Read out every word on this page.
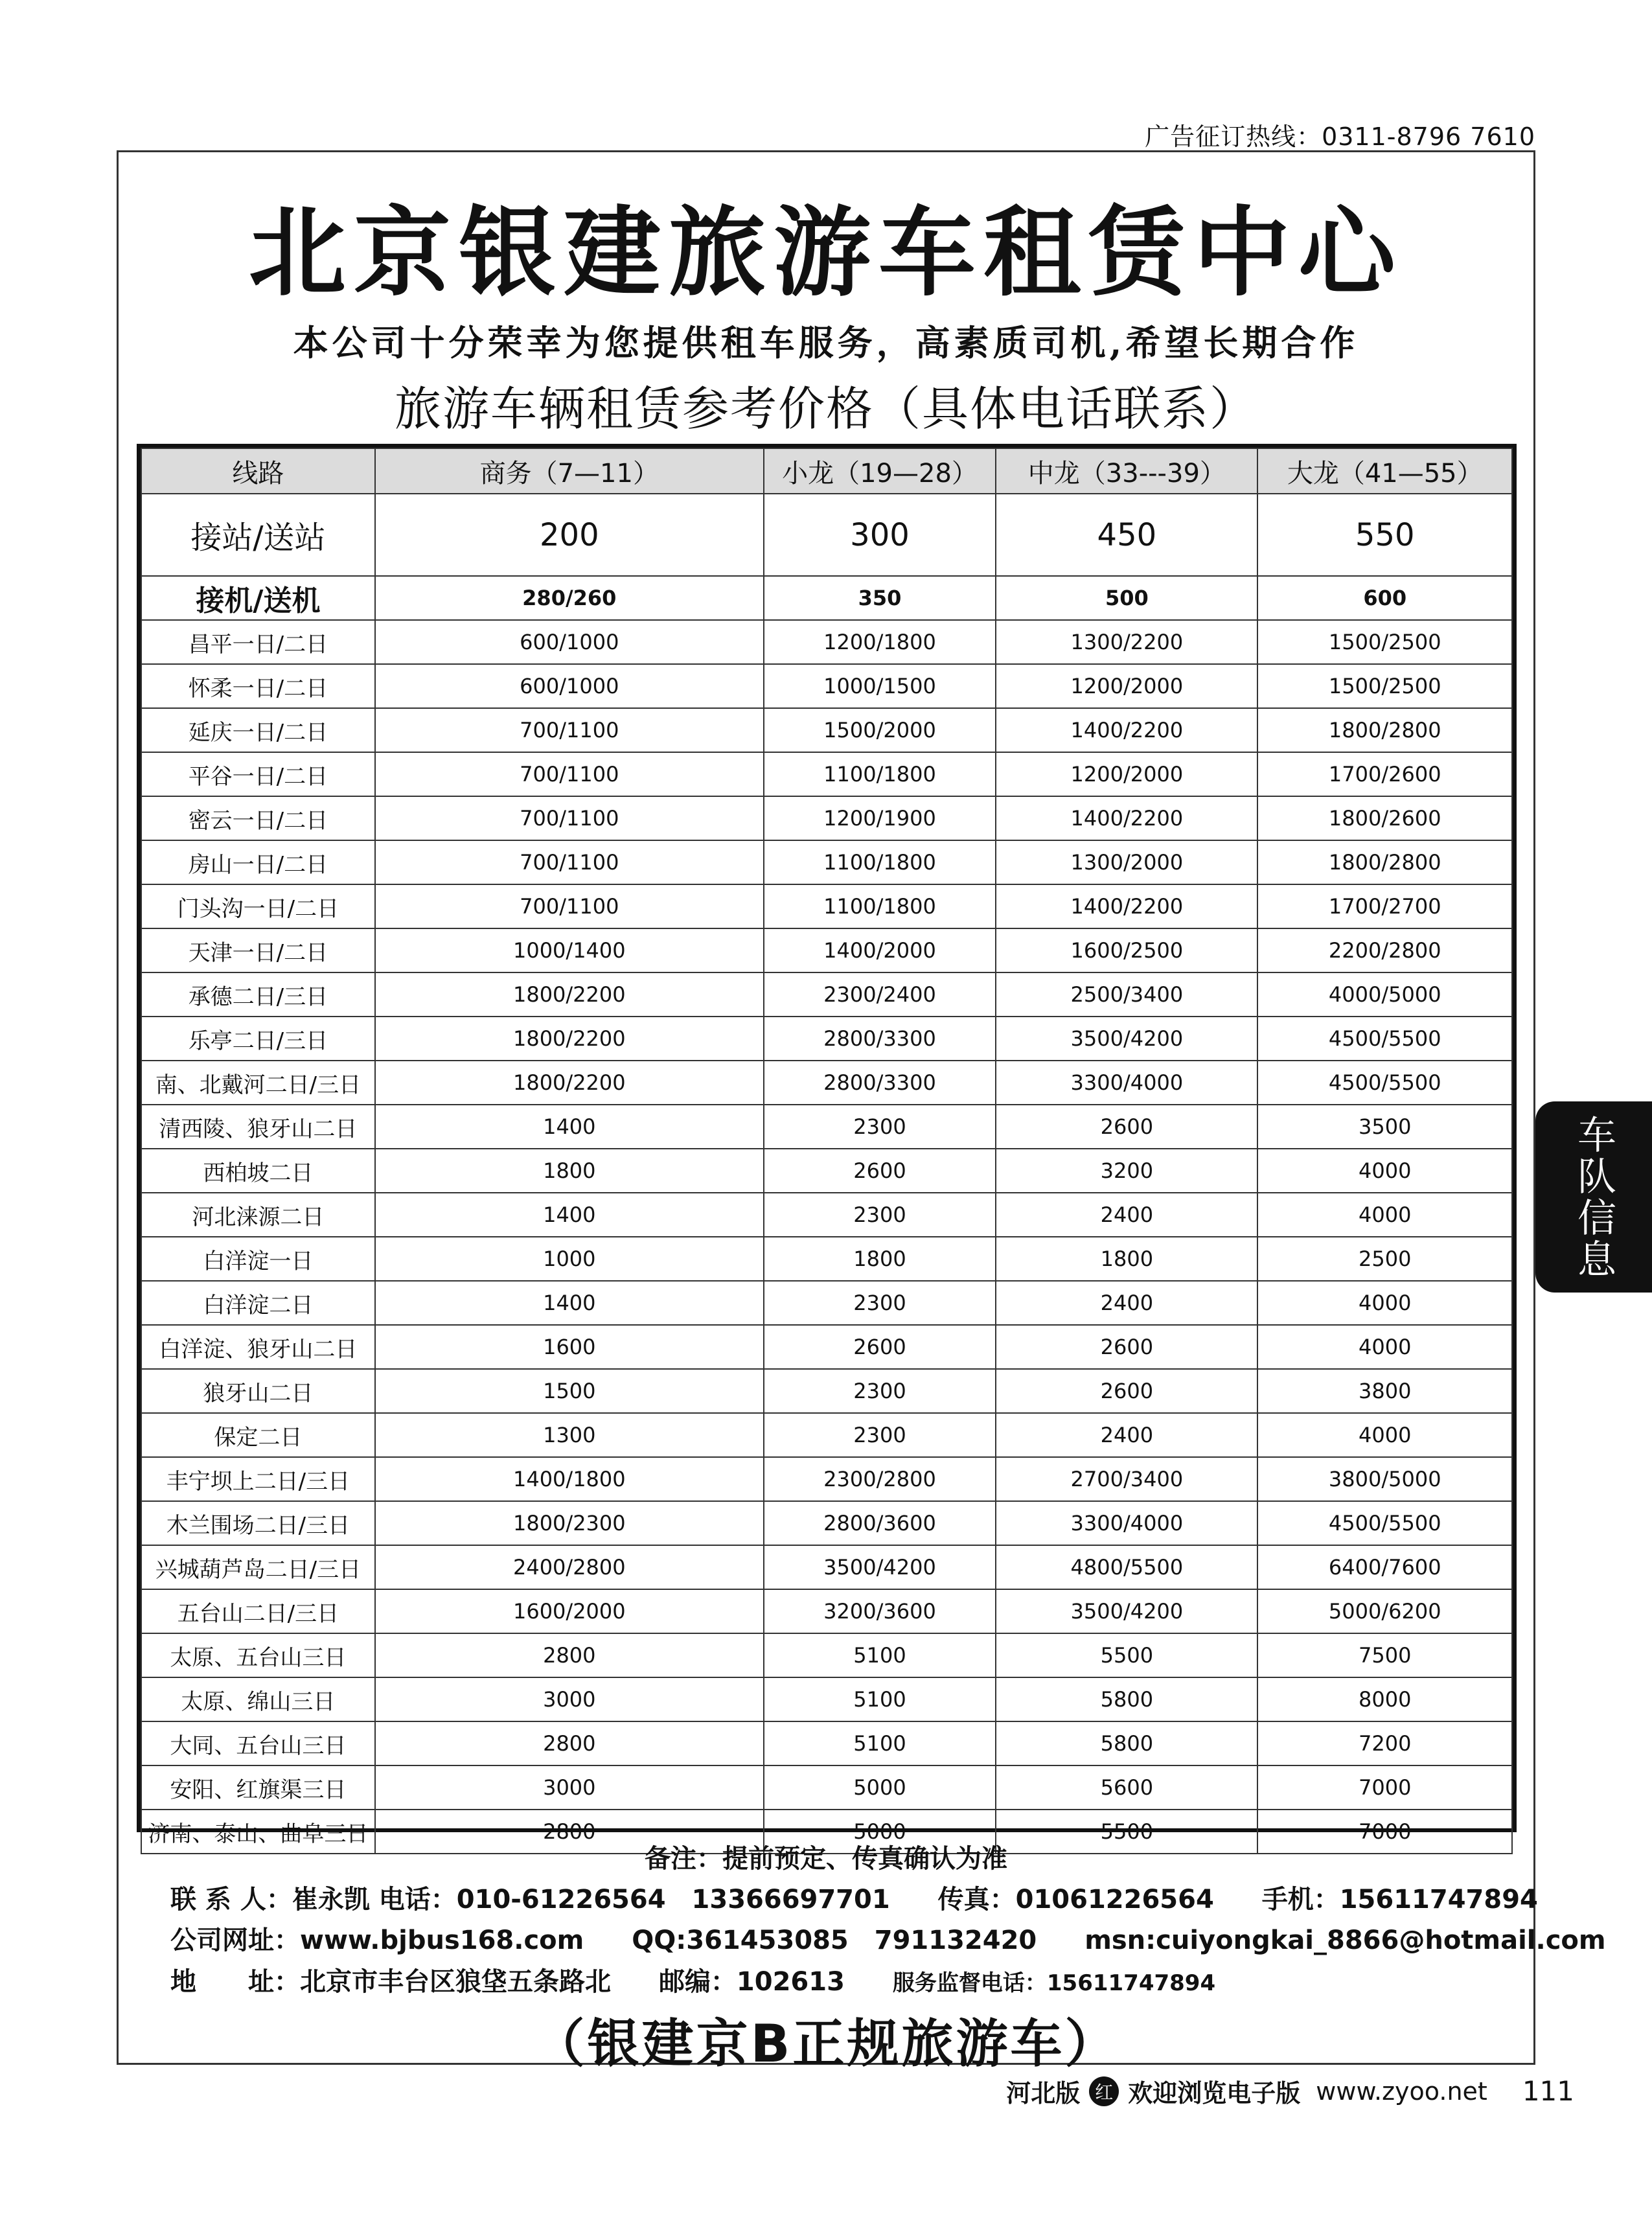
广告征订热线：0311-8796 7610
北京银建旅游车租赁中心
本公司十分荣幸为您提供租车服务，高素质司机,希望长期合作
旅游车辆租赁参考价格（具体电话联系）
线路	商务（7—11）	小龙（19—28）	中龙（33---39）	大龙（41—55）
接站/送站	200	300	450	550
接机/送机	280/260	350	500	600
昌平一日/二日	600/1000	1200/1800	1300/2200	1500/2500
怀柔一日/二日	600/1000	1000/1500	1200/2000	1500/2500
延庆一日/二日	700/1100	1500/2000	1400/2200	1800/2800
平谷一日/二日	700/1100	1100/1800	1200/2000	1700/2600
密云一日/二日	700/1100	1200/1900	1400/2200	1800/2600
房山一日/二日	700/1100	1100/1800	1300/2000	1800/2800
门头沟一日/二日	700/1100	1100/1800	1400/2200	1700/2700
天津一日/二日	1000/1400	1400/2000	1600/2500	2200/2800
承德二日/三日	1800/2200	2300/2400	2500/3400	4000/5000
乐亭二日/三日	1800/2200	2800/3300	3500/4200	4500/5500
南、北戴河二日/三日	1800/2200	2800/3300	3300/4000	4500/5500
清西陵、狼牙山二日	1400	2300	2600	3500
西柏坡二日	1800	2600	3200	4000
河北涞源二日	1400	2300	2400	4000
白洋淀一日	1000	1800	1800	2500
白洋淀二日	1400	2300	2400	4000
白洋淀、狼牙山二日	1600	2600	2600	4000
狼牙山二日	1500	2300	2600	3800
保定二日	1300	2300	2400	4000
丰宁坝上二日/三日	1400/1800	2300/2800	2700/3400	3800/5000
木兰围场二日/三日	1800/2300	2800/3600	3300/4000	4500/5500
兴城葫芦岛二日/三日	2400/2800	3500/4200	4800/5500	6400/7600
五台山二日/三日	1600/2000	3200/3600	3500/4200	5000/6200
太原、五台山三日	2800	5100	5500	7500
太原、绵山三日	3000	5100	5800	8000
大同、五台山三日	2800	5100	5800	7200
安阳、红旗渠三日	3000	5000	5600	7000
济南、泰山、曲阜三日	2800	5000	5500	7000
备注：提前预定、传真确认为准
联 系 人：崔永凯 电话：010-61226564　13366697701 传真：01061226564 手机：15611747894
公司网址：www.bjbus168.com QQ:361453085　791132420 msn:cuiyongkai_8866@hotmail.com
地　　址：北京市丰台区狼垡五条路北 邮编：102613 服务监督电话：15611747894
（银建京B正规旅游车）
车队信息
河北版 红 欢迎浏览电子版 www.zyoo.net 111
